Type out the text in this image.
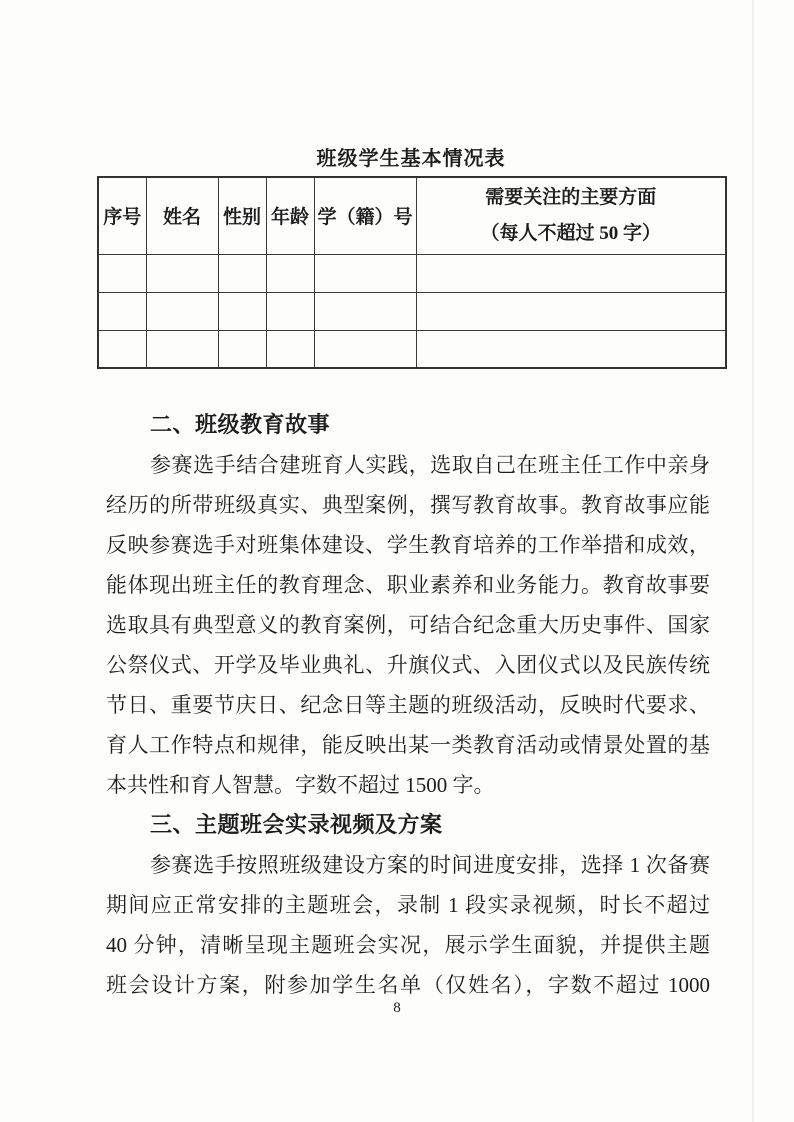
班级学生基本情况表
序号	姓名	性别	年龄	学（籍）号	需要关注的主要方面
（每人不超过 50 字）

二、班级教育故事
参赛选手结合建班育人实践，选取自己在班主任工作中亲身
经历的所带班级真实、典型案例，撰写教育故事。教育故事应能
反映参赛选手对班集体建设、学生教育培养的工作举措和成效，
能体现出班主任的教育理念、职业素养和业务能力。教育故事要
选取具有典型意义的教育案例，可结合纪念重大历史事件、国家
公祭仪式、开学及毕业典礼、升旗仪式、入团仪式以及民族传统
节日、重要节庆日、纪念日等主题的班级活动，反映时代要求、
育人工作特点和规律，能反映出某一类教育活动或情景处置的基
本共性和育人智慧。字数不超过 1500 字。
三、主题班会实录视频及方案
参赛选手按照班级建设方案的时间进度安排，选择 1 次备赛
期间应正常安排的主题班会，录制 1 段实录视频，时长不超过
40 分钟，清晰呈现主题班会实况，展示学生面貌，并提供主题
班会设计方案，附参加学生名单（仅姓名），字数不超过 1000
8
